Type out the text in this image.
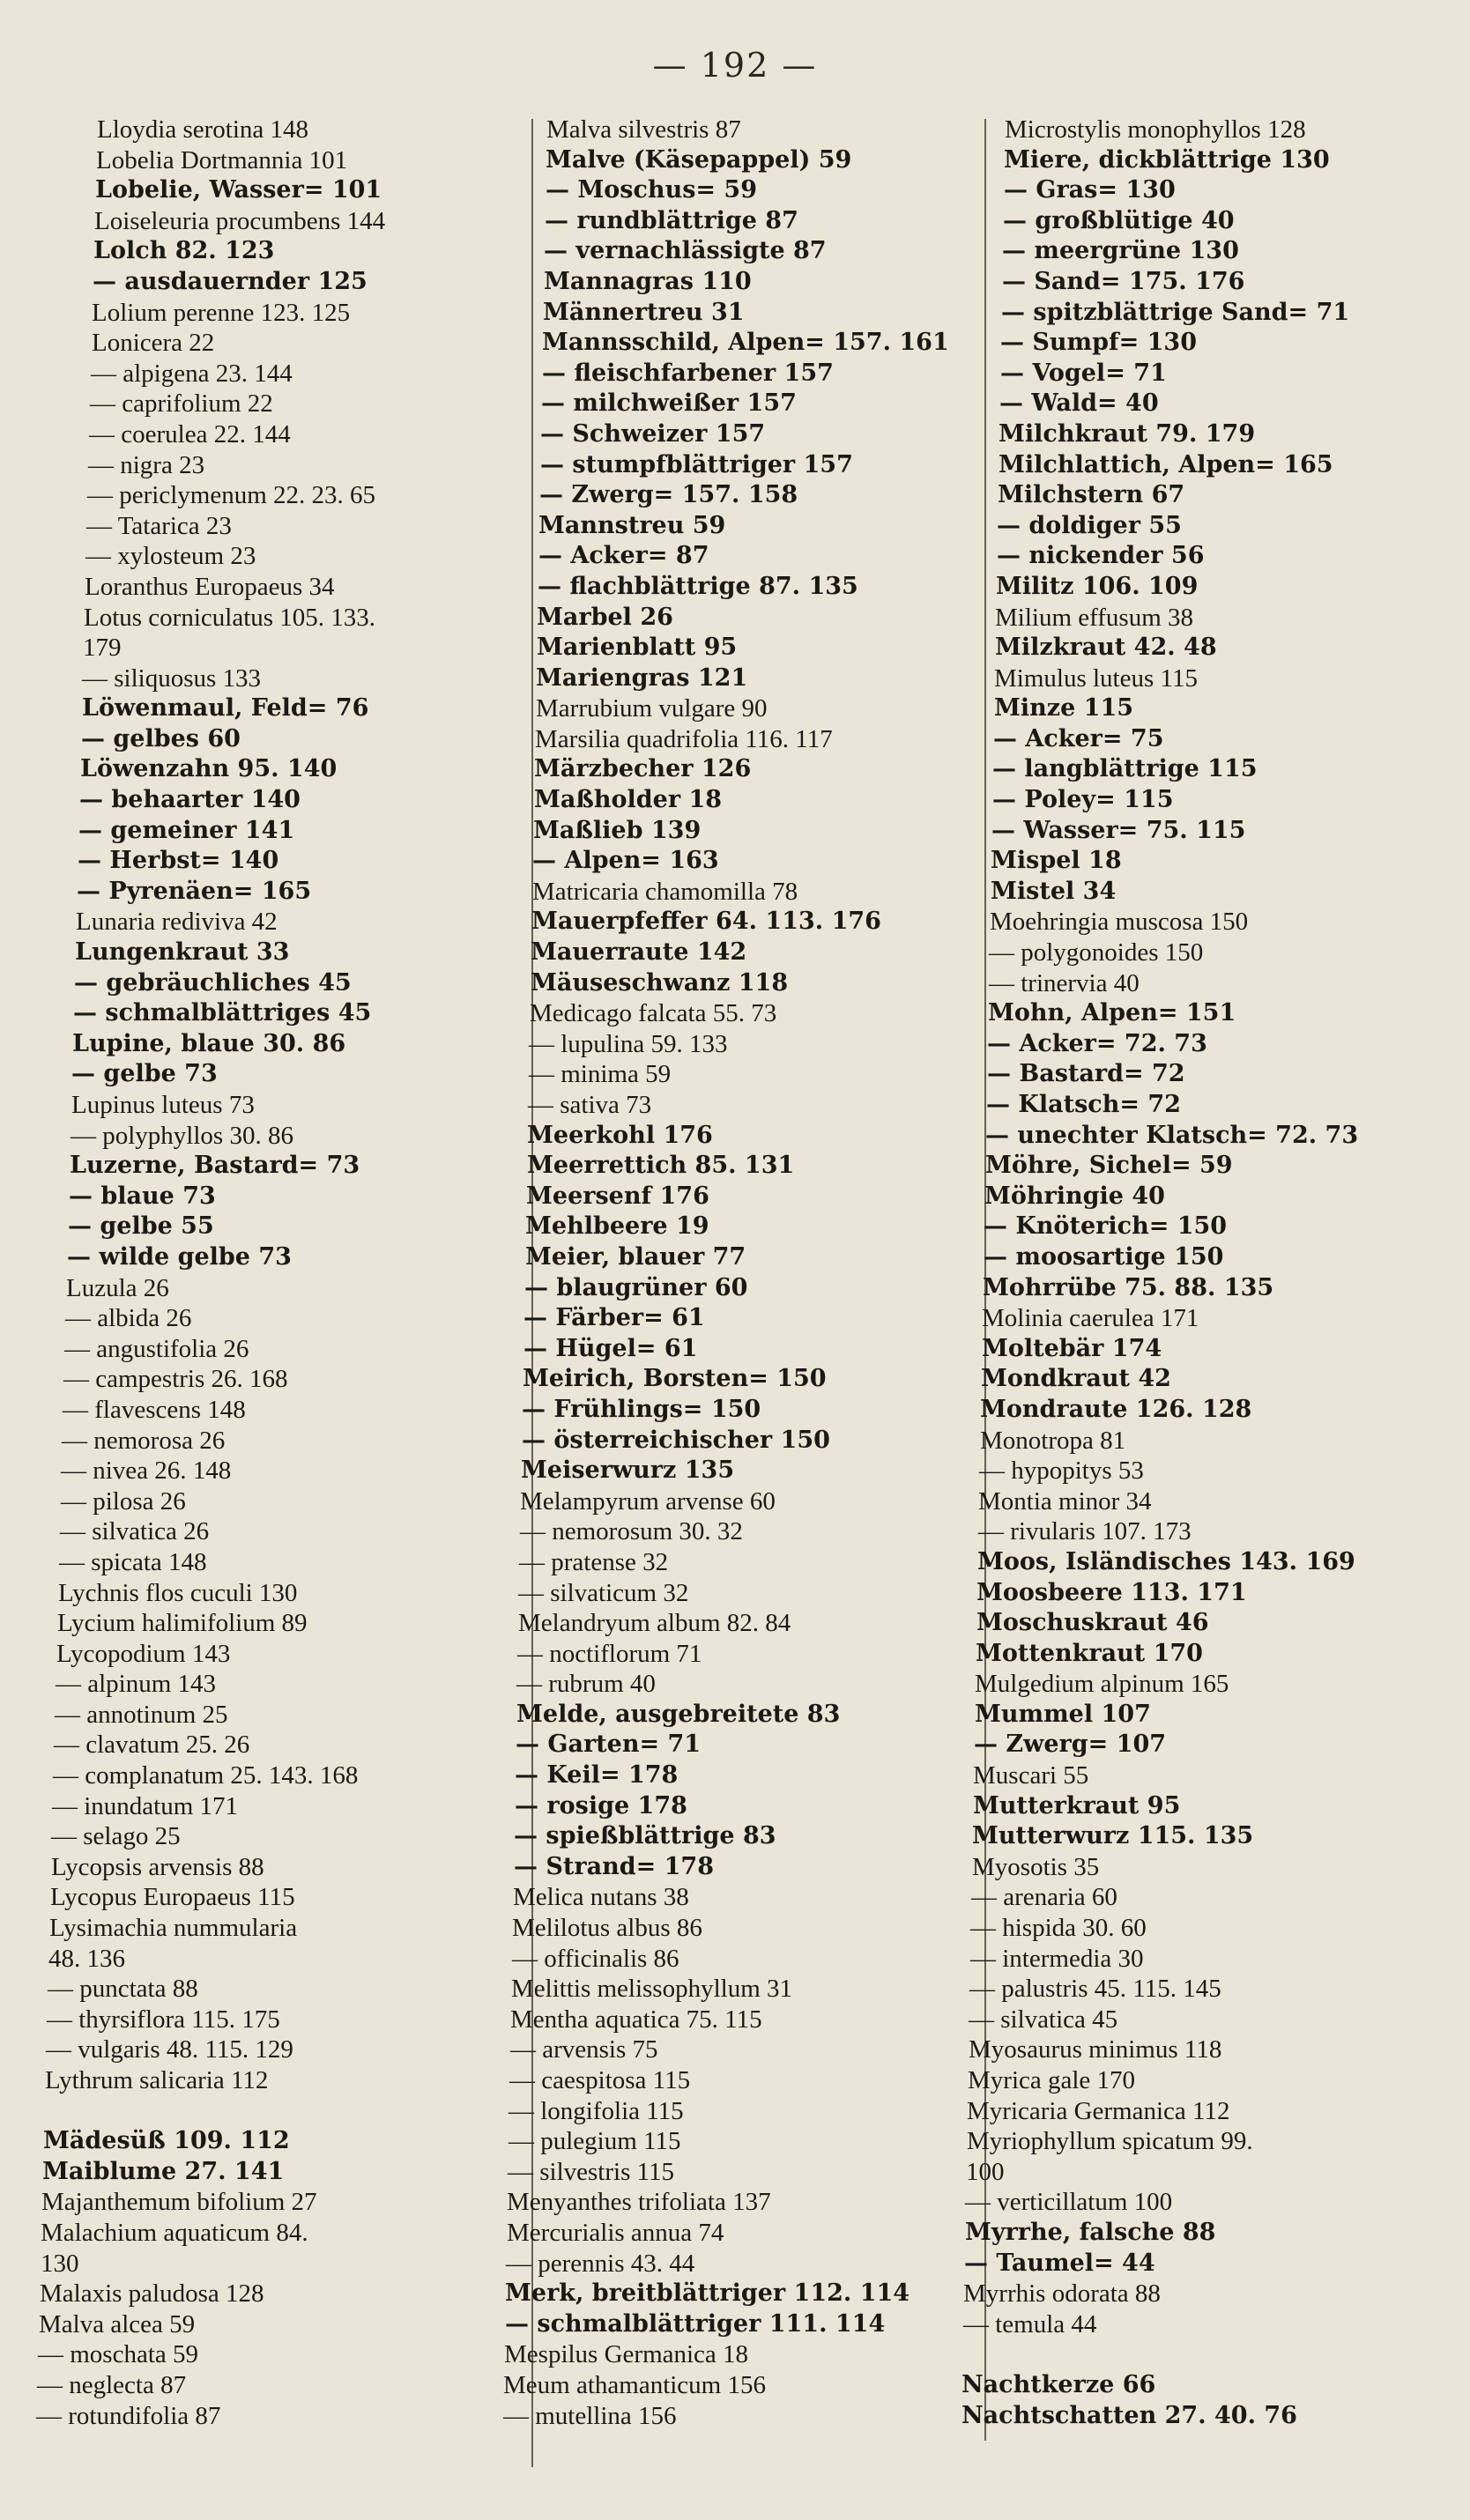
— 192 —
Lloydia serotina 148
Lobelia Dortmannia 101
Lobelie, Wasser= 101
Loiseleuria procumbens 144
Lolch 82. 123
— ausdauernder 125
Lolium perenne 123. 125
Lonicera 22
— alpigena 23. 144
— caprifolium 22
— coerulea 22. 144
— nigra 23
— periclymenum 22. 23. 65
— Tatarica 23
— xylosteum 23
Loranthus Europaeus 34
Lotus corniculatus 105. 133.
179
— siliquosus 133
Löwenmaul, Feld= 76
— gelbes 60
Löwenzahn 95. 140
— behaarter 140
— gemeiner 141
— Herbst= 140
— Pyrenäen= 165
Lunaria rediviva 42
Lungenkraut 33
— gebräuchliches 45
— schmalblättriges 45
Lupine, blaue 30. 86
— gelbe 73
Lupinus luteus 73
— polyphyllos 30. 86
Luzerne, Bastard= 73
— blaue 73
— gelbe 55
— wilde gelbe 73
Luzula 26
— albida 26
— angustifolia 26
— campestris 26. 168
— flavescens 148
— nemorosa 26
— nivea 26. 148
— pilosa 26
— silvatica 26
— spicata 148
Lychnis flos cuculi 130
Lycium halimifolium 89
Lycopodium 143
— alpinum 143
— annotinum 25
— clavatum 25. 26
— complanatum 25. 143. 168
— inundatum 171
— selago 25
Lycopsis arvensis 88
Lycopus Europaeus 115
Lysimachia nummularia
48. 136
— punctata 88
— thyrsiflora 115. 175
— vulgaris 48. 115. 129
Lythrum salicaria 112
Mädesüß 109. 112
Maiblume 27. 141
Majanthemum bifolium 27
Malachium aquaticum 84.
130
Malaxis paludosa 128
Malva alcea 59
— moschata 59
— neglecta 87
— rotundifolia 87
Malva silvestris 87
Malve (Käsepappel) 59
— Moschus= 59
— rundblättrige 87
— vernachlässigte 87
Mannagras 110
Männertreu 31
Mannsschild, Alpen= 157. 161
— fleischfarbener 157
— milchweißer 157
— Schweizer 157
— stumpfblättriger 157
— Zwerg= 157. 158
Mannstreu 59
— Acker= 87
— flachblättrige 87. 135
Marbel 26
Marienblatt 95
Mariengras 121
Marrubium vulgare 90
Marsilia quadrifolia 116. 117
Märzbecher 126
Maßholder 18
Maßlieb 139
— Alpen= 163
Matricaria chamomilla 78
Mauerpfeffer 64. 113. 176
Mauerraute 142
Mäuseschwanz 118
Medicago falcata 55. 73
— lupulina 59. 133
— minima 59
— sativa 73
Meerkohl 176
Meerrettich 85. 131
Meersenf 176
Mehlbeere 19
Meier, blauer 77
— blaugrüner 60
— Färber= 61
— Hügel= 61
Meirich, Borsten= 150
— Frühlings= 150
— österreichischer 150
Meiserwurz 135
Melampyrum arvense 60
— nemorosum 30. 32
— pratense 32
— silvaticum 32
Melandryum album 82. 84
— noctiflorum 71
— rubrum 40
Melde, ausgebreitete 83
— Garten= 71
— Keil= 178
— rosige 178
— spießblättrige 83
— Strand= 178
Melica nutans 38
Melilotus albus 86
— officinalis 86
Melittis melissophyllum 31
Mentha aquatica 75. 115
— arvensis 75
— caespitosa 115
— longifolia 115
— pulegium 115
— silvestris 115
Menyanthes trifoliata 137
Mercurialis annua 74
— perennis 43. 44
Merk, breitblättriger 112. 114
— schmalblättriger 111. 114
Mespilus Germanica 18
Meum athamanticum 156
— mutellina 156
Microstylis monophyllos 128
Miere, dickblättrige 130
— Gras= 130
— großblütige 40
— meergrüne 130
— Sand= 175. 176
— spitzblättrige Sand= 71
— Sumpf= 130
— Vogel= 71
— Wald= 40
Milchkraut 79. 179
Milchlattich, Alpen= 165
Milchstern 67
— doldiger 55
— nickender 56
Militz 106. 109
Milium effusum 38
Milzkraut 42. 48
Mimulus luteus 115
Minze 115
— Acker= 75
— langblättrige 115
— Poley= 115
— Wasser= 75. 115
Mispel 18
Mistel 34
Moehringia muscosa 150
— polygonoides 150
— trinervia 40
Mohn, Alpen= 151
— Acker= 72. 73
— Bastard= 72
— Klatsch= 72
— unechter Klatsch= 72. 73
Möhre, Sichel= 59
Möhringie 40
— Knöterich= 150
— moosartige 150
Mohrrübe 75. 88. 135
Molinia caerulea 171
Moltebär 174
Mondkraut 42
Mondraute 126. 128
Monotropa 81
— hypopitys 53
Montia minor 34
— rivularis 107. 173
Moos, Isländisches 143. 169
Moosbeere 113. 171
Moschuskraut 46
Mottenkraut 170
Mulgedium alpinum 165
Mummel 107
— Zwerg= 107
Muscari 55
Mutterkraut 95
Mutterwurz 115. 135
Myosotis 35
— arenaria 60
— hispida 30. 60
— intermedia 30
— palustris 45. 115. 145
— silvatica 45
Myosaurus minimus 118
Myrica gale 170
Myricaria Germanica 112
Myriophyllum spicatum 99.
100
— verticillatum 100
Myrrhe, falsche 88
— Taumel= 44
Myrrhis odorata 88
— temula 44
Nachtkerze 66
Nachtschatten 27. 40. 76
